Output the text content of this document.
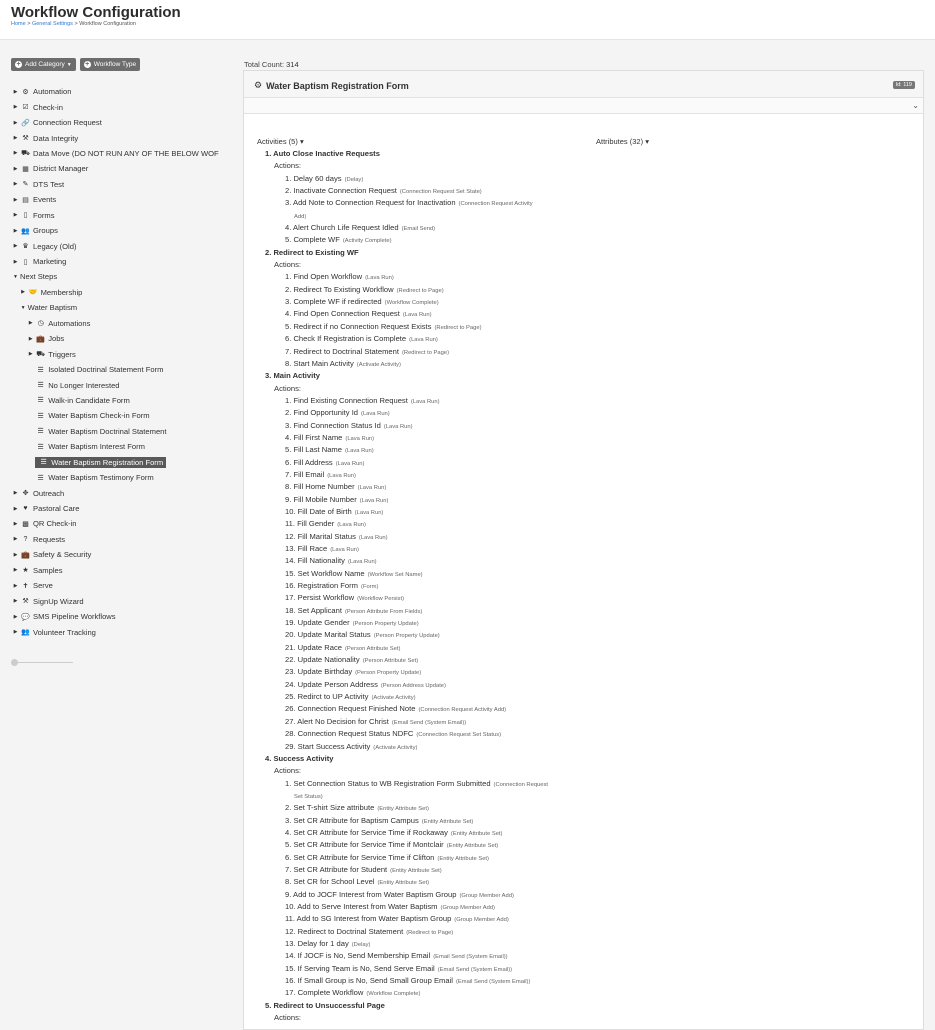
Workflow Configuration
Home > General Settings > Workflow Configuration
+ Add Category ▼ + Workflow Type
▶ ⚙ Automation
▶ ☑ Check-in
▶ 🔗 Connection Request
▶ ⚒ Data Integrity
▶ ⛟ Data Move (DO NOT RUN ANY OF THE BELOW WOF
▶ ▦ District Manager
▶ ✎ DTS Test
▶ ▤ Events
▶ ▯ Forms
▶ 👥 Groups
▶ ♛ Legacy (Old)
▶ ▯ Marketing
▼ Next Steps
▶ 🤝 Membership
▼ Water Baptism
▶ ◷ Automations
▶ 💼 Jobs
▶ ⛟ Triggers
☰ Isolated Doctrinal Statement Form
☰ No Longer Interested
☰ Walk-in Candidate Form
☰ Water Baptism Check-in Form
☰ Water Baptism Doctrinal Statement
☰ Water Baptism Interest Form
☰ Water Baptism Registration Form
☰ Water Baptism Testimony Form
▶ ✥ Outreach
▶ ♥ Pastoral Care
▶ ▩ QR Check-in
▶ ? Requests
▶ 💼 Safety & Security
▶ ★ Samples
▶ ✝ Serve
▶ ⚒ SignUp Wizard
▶ 💬 SMS Pipeline Workflows
▶ 👥 Volunteer Tracking
Total Count: 314
⚙ Water Baptism Registration Form	Id: 119
⌄
Activities (5) ▾	Attributes (32) ▾
1. Auto Close Inactive Requests
Actions:
1. Delay 60 days (Delay)
2. Inactivate Connection Request (Connection Request Set State)
3. Add Note to Connection Request for Inactivation (Connection Request Activity
Add)
4. Alert Church Life Request Idled (Email Send)
5. Complete WF (Activity Complete)
2. Redirect to Existing WF
Actions:
1. Find Open Workflow (Lava Run)
2. Redirect To Existing Workflow (Redirect to Page)
3. Complete WF if redirected (Workflow Complete)
4. Find Open Connection Request (Lava Run)
5. Redirect if no Connection Request Exists (Redirect to Page)
6. Check If Registration is Complete (Lava Run)
7. Redirect to Doctrinal Statement (Redirect to Page)
8. Start Main Activity (Activate Activity)
3. Main Activity
Actions:
1. Find Existing Connection Request (Lava Run)
2. Find Opportunity Id (Lava Run)
3. Find Connection Status Id (Lava Run)
4. Fill First Name (Lava Run)
5. Fill Last Name (Lava Run)
6. Fill Address (Lava Run)
7. Fill Email (Lava Run)
8. Fill Home Number (Lava Run)
9. Fill Mobile Number (Lava Run)
10. Fill Date of Birth (Lava Run)
11. Fill Gender (Lava Run)
12. Fill Marital Status (Lava Run)
13. Fill Race (Lava Run)
14. Fill Nationality (Lava Run)
15. Set Workflow Name (Workflow Set Name)
16. Registration Form (Form)
17. Persist Workflow (Workflow Persist)
18. Set Applicant (Person Attribute From Fields)
19. Update Gender (Person Property Update)
20. Update Marital Status (Person Property Update)
21. Update Race (Person Attribute Set)
22. Update Nationality (Person Attribute Set)
23. Update Birthday (Person Property Update)
24. Update Person Address (Person Address Update)
25. Redirct to UP Activity (Activate Activity)
26. Connection Request Finished Note (Connection Request Activity Add)
27. Alert No Decision for Christ (Email Send (System Email))
28. Connection Request Status NDFC (Connection Request Set Status)
29. Start Success Activity (Activate Activity)
4. Success Activity
Actions:
1. Set Connection Status to WB Registration Form Submitted (Connection Request
Set Status)
2. Set T-shirt Size attribute (Entity Attribute Set)
3. Set CR Attribute for Baptism Campus (Entity Attribute Set)
4. Set CR Attribute for Service Time if Rockaway (Entity Attribute Set)
5. Set CR Attribute for Service Time if Montclair (Entity Attribute Set)
6. Set CR Attribute for Service Time if Clifton (Entity Attribute Set)
7. Set CR Attribute for Student (Entity Attribute Set)
8. Set CR for School Level (Entity Attribute Set)
9. Add to JOCF Interest from Water Baptism Group (Group Member Add)
10. Add to Serve Interest from Water Baptism (Group Member Add)
11. Add to SG Interest from Water Baptism Group (Group Member Add)
12. Redirect to Doctrinal Statement (Redirect to Page)
13. Delay for 1 day (Delay)
14. If JOCF is No, Send Membership Email (Email Send (System Email))
15. If Serving Team is No, Send Serve Email (Email Send (System Email))
16. If Small Group is No, Send Small Group Email (Email Send (System Email))
17. Complete Workflow (Workflow Complete)
5. Redirect to Unsuccessful Page
Actions:
